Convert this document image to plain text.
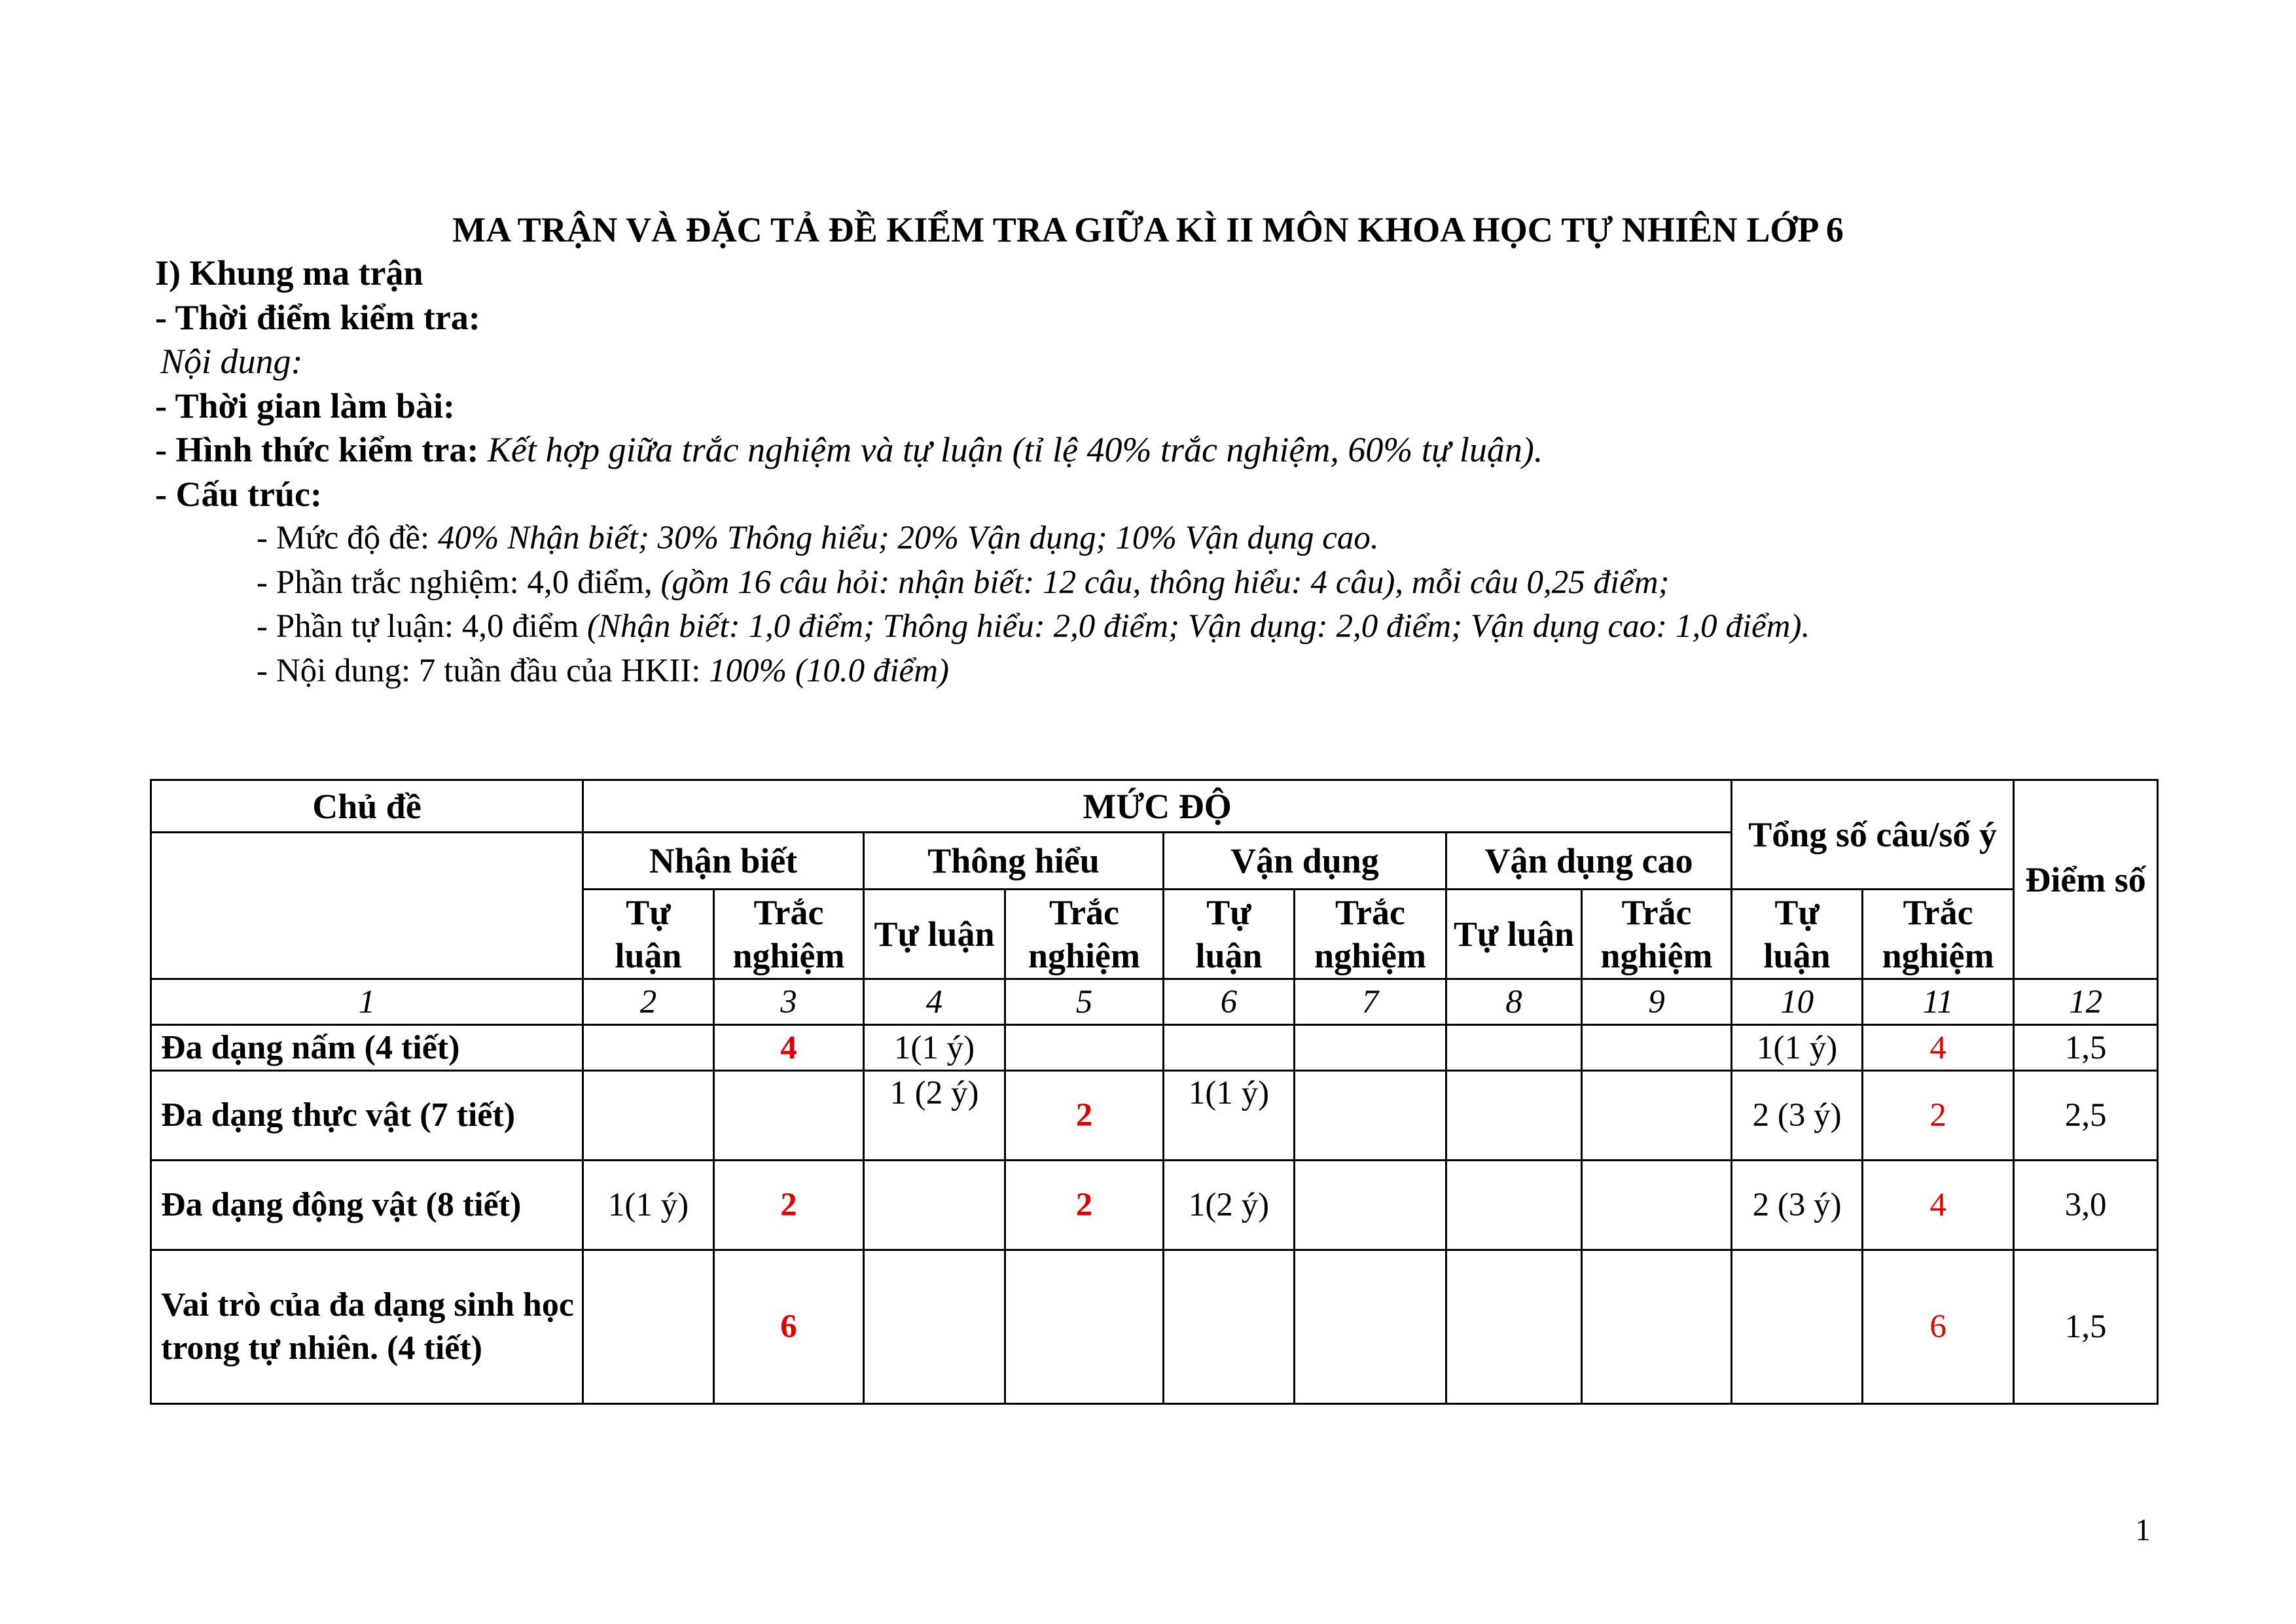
MA TRẬN VÀ ĐẶC TẢ ĐỀ KIỂM TRA GIỮA KÌ II MÔN KHOA HỌC TỰ NHIÊN LỚP 6
I) Khung ma trận
- Thời điểm kiểm tra:
Nội dung:
- Thời gian làm bài:
- Hình thức kiểm tra: Kết hợp giữa trắc nghiệm và tự luận (tỉ lệ 40% trắc nghiệm, 60% tự luận).
- Cấu trúc:
- Mức độ đề: 40% Nhận biết; 30% Thông hiểu; 20% Vận dụng; 10% Vận dụng cao.
- Phần trắc nghiệm: 4,0 điểm, (gồm 16 câu hỏi: nhận biết: 12 câu, thông hiểu: 4 câu), mỗi câu 0,25 điểm;
- Phần tự luận: 4,0 điểm (Nhận biết: 1,0 điểm; Thông hiểu: 2,0 điểm; Vận dụng: 2,0 điểm; Vận dụng cao: 1,0 điểm).
- Nội dung: 7 tuần đầu của HKII: 100% (10.0 điểm)
Chủ đề	MỨC ĐỘ								Tổng số câu/số ý		Điểm số
	Nhận biết		Thông hiểu		Vận dụng		Vận dụng cao				
	Tự luận	Trắc nghiệm	Tự luận	Trắc nghiệm	Tự luận	Trắc nghiệm	Tự luận	Trắc nghiệm	Tự luận	Trắc nghiệm	
1	2	3	4	5	6	7	8	9	10	11	12
Đa dạng nấm (4 tiết)		4	1(1 ý)						1(1 ý)	4	1,5
Đa dạng thực vật (7 tiết)			1 (2 ý)	2	1(1 ý)				2 (3 ý)	2	2,5
Đa dạng động vật (8 tiết)	1(1 ý)	2		2	1(2 ý)				2 (3 ý)	4	3,0
Vai trò của đa dạng sinh học trong tự nhiên. (4 tiết)		6								6	1,5
1
